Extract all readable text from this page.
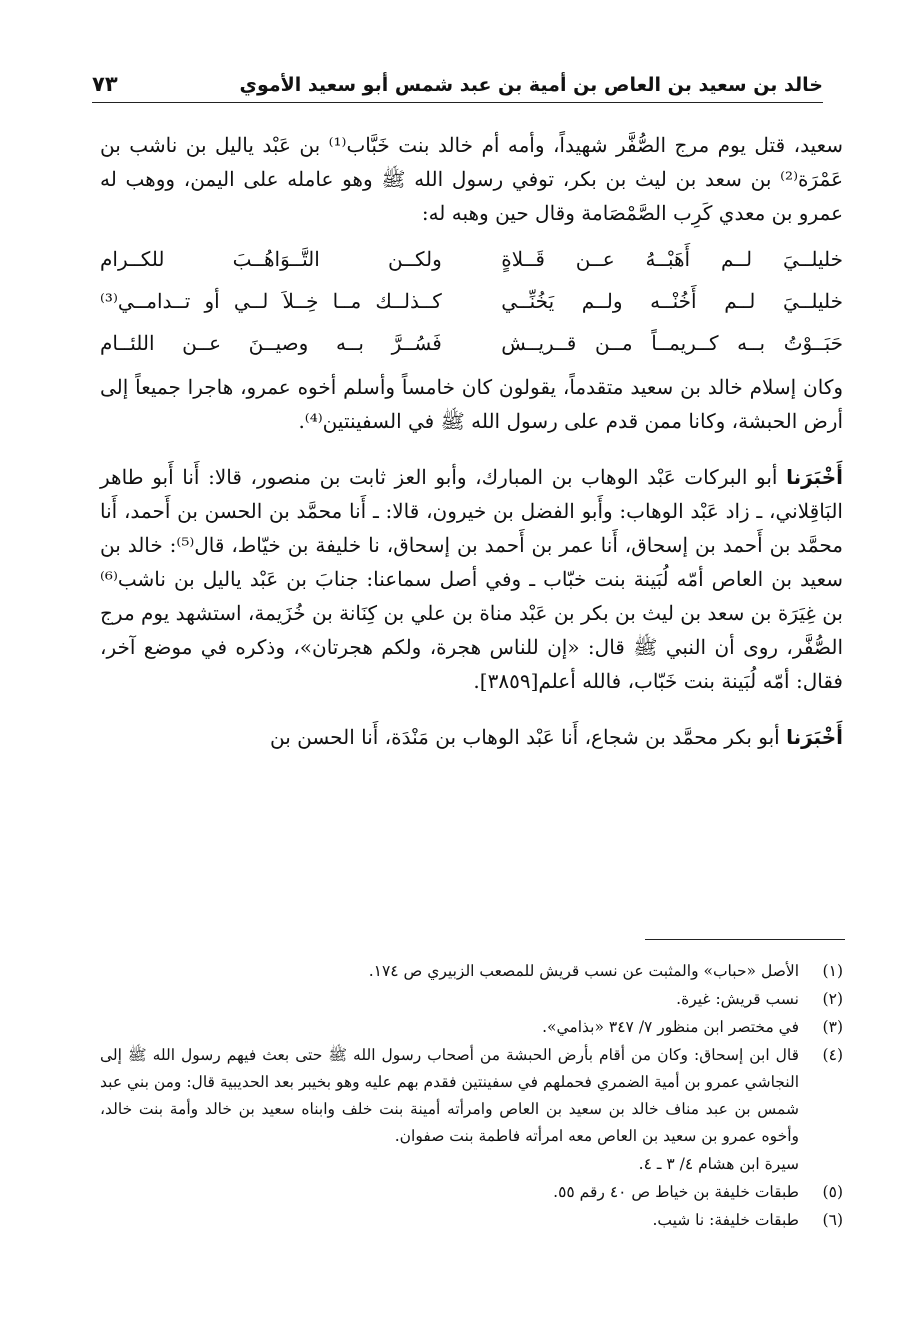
خالد بن سعيد بن العاص بن أمية بن عبد شمس أبو سعيد الأموي
٧٣

سعيد، قتل يوم مرج الصُّفَّر شهيداً، وأمه أم خالد بنت خَبَّاب⁽¹⁾ بن عَبْد ياليل بن ناشب بن عَمْرَة⁽²⁾ بن سعد بن ليث بن بكر، توفي رسول الله ﷺ وهو عامله على اليمن، ووهب له عمرو بن معدي كَرِب الصَّمْصَامة وقال حين وهبه له:

خليلــيَ لــم أَهَبْــهُ عــن قَــلاةٍ
ولكــن التَّــوَاهُــبَ للكــرام
خليلــيَ لــم أَخُنْــه ولــم يَخُنِّــي
كــذلــك مــا خِــلاَ لــي أو تــدامــي⁽³⁾
حَبَــوْتُ بــه كــريمــاً مــن قــريــش
فَسُــرَّ بــه وصيــنَ عــن اللئــام

وكان إسلام خالد بن سعيد متقدماً، يقولون كان خامساً وأسلم أخوه عمرو، هاجرا جميعاً إلى أرض الحبشة، وكانا ممن قدم على رسول الله ﷺ في السفينتين⁽⁴⁾.

أَخْبَرَنا أبو البركات عَبْد الوهاب بن المبارك، وأبو العز ثابت بن منصور، قالا: أَنا أَبو طاهر البَاقِلاني، ـ زاد عَبْد الوهاب: وأَبو الفضل بن خيرون، قالا: ـ أَنا محمَّد بن الحسن بن أَحمد، أَنا محمَّد بن أَحمد بن إسحاق، أَنا عمر بن أَحمد بن إسحاق، نا خليفة بن خيّاط، قال⁽⁵⁾: خالد بن سعيد بن العاص أمّه لُبَينة بنت خبّاب ـ وفي أصل سماعنا: جنابَ بن عَبْد ياليل بن ناشب⁽⁶⁾ بن غِيَرَة بن سعد بن ليث بن بكر بن عَبْد مناة بن علي بن كِنَانة بن خُزَيمة، استشهد يوم مرج الصُّفَّر، روى أن النبي ﷺ قال: «إن للناس هجرة، ولكم هجرتان»، وذكره في موضع آخر، فقال: أمّه لُبَينة بنت خَبّاب، فالله أعلم[٣٨٥٩].

أَخْبَرَنا أبو بكر محمَّد بن شجاع، أَنا عَبْد الوهاب بن مَنْدَة، أَنا الحسن بن

(١)
الأصل «حباب» والمثبت عن نسب قريش للمصعب الزبيري ص ١٧٤.
(٢)
نسب قريش: غيرة.
(٣)
في مختصر ابن منظور ٧/ ٣٤٧ «بذامي».
(٤)
قال ابن إسحاق: وكان من أقام بأرض الحبشة من أصحاب رسول الله ﷺ حتى بعث فيهم رسول الله ﷺ إلى النجاشي عمرو بن أمية الضمري فحملهم في سفينتين فقدم بهم عليه وهو بخيبر بعد الحديبية قال: ومن بني عبد شمس بن عبد مناف خالد بن سعيد بن العاص وامرأته أمينة بنت خلف وابناه سعيد بن خالد وأمة بنت خالد، وأخوه عمرو بن سعيد بن العاص معه امرأته فاطمة بنت صفوان.
سيرة ابن هشام ٤/ ٣ ـ ٤.
(٥)
طبقات خليفة بن خياط ص ٤٠ رقم ٥٥.
(٦)
طبقات خليفة: نا شيب.
